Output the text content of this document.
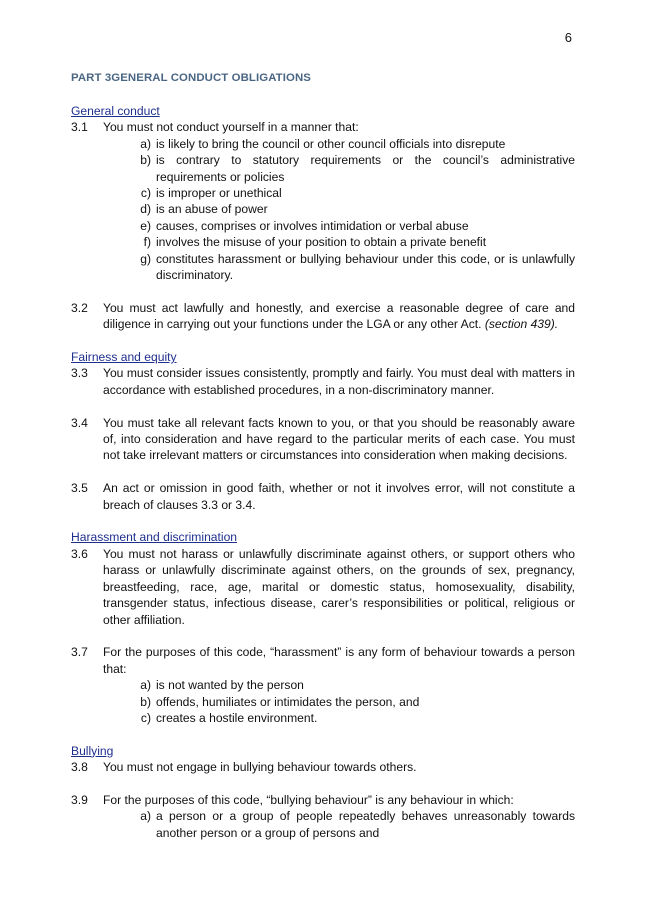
6
PART 3GENERAL CONDUCT OBLIGATIONS

General conduct

3.1	You must not conduct yourself in a manner that:
a) is likely to bring the council or other council officials into disrepute
b) is contrary to statutory requirements or the council’s administrative requirements or policies
c) is improper or unethical
d) is an abuse of power
e) causes, comprises or involves intimidation or verbal abuse
f) involves the misuse of your position to obtain a private benefit
g) constitutes harassment or bullying behaviour under this code, or is unlawfully discriminatory.
3.2	You must act lawfully and honestly, and exercise a reasonable degree of care and diligence in carrying out your functions under the LGA or any other Act. (section 439).

Fairness and equity

3.3	You must consider issues consistently, promptly and fairly. You must deal with matters in accordance with established procedures, in a non-discriminatory manner.
3.4	You must take all relevant facts known to you, or that you should be reasonably aware of, into consideration and have regard to the particular merits of each case. You must not take irrelevant matters or circumstances into consideration when making decisions.
3.5	An act or omission in good faith, whether or not it involves error, will not constitute a breach of clauses 3.3 or 3.4.

Harassment and discrimination

3.6	You must not harass or unlawfully discriminate against others, or support others who harass or unlawfully discriminate against others, on the grounds of sex, pregnancy, breastfeeding, race, age, marital or domestic status, homosexuality, disability, transgender status, infectious disease, carer’s responsibilities or political, religious or other affiliation.
3.7	For the purposes of this code, “harassment” is any form of behaviour towards a person that:
a) is not wanted by the person
b) offends, humiliates or intimidates the person, and
c) creates a hostile environment.

Bullying

3.8	You must not engage in bullying behaviour towards others.
3.9	For the purposes of this code, “bullying behaviour” is any behaviour in which:
a) a person or a group of people repeatedly behaves unreasonably towards another person or a group of persons and
